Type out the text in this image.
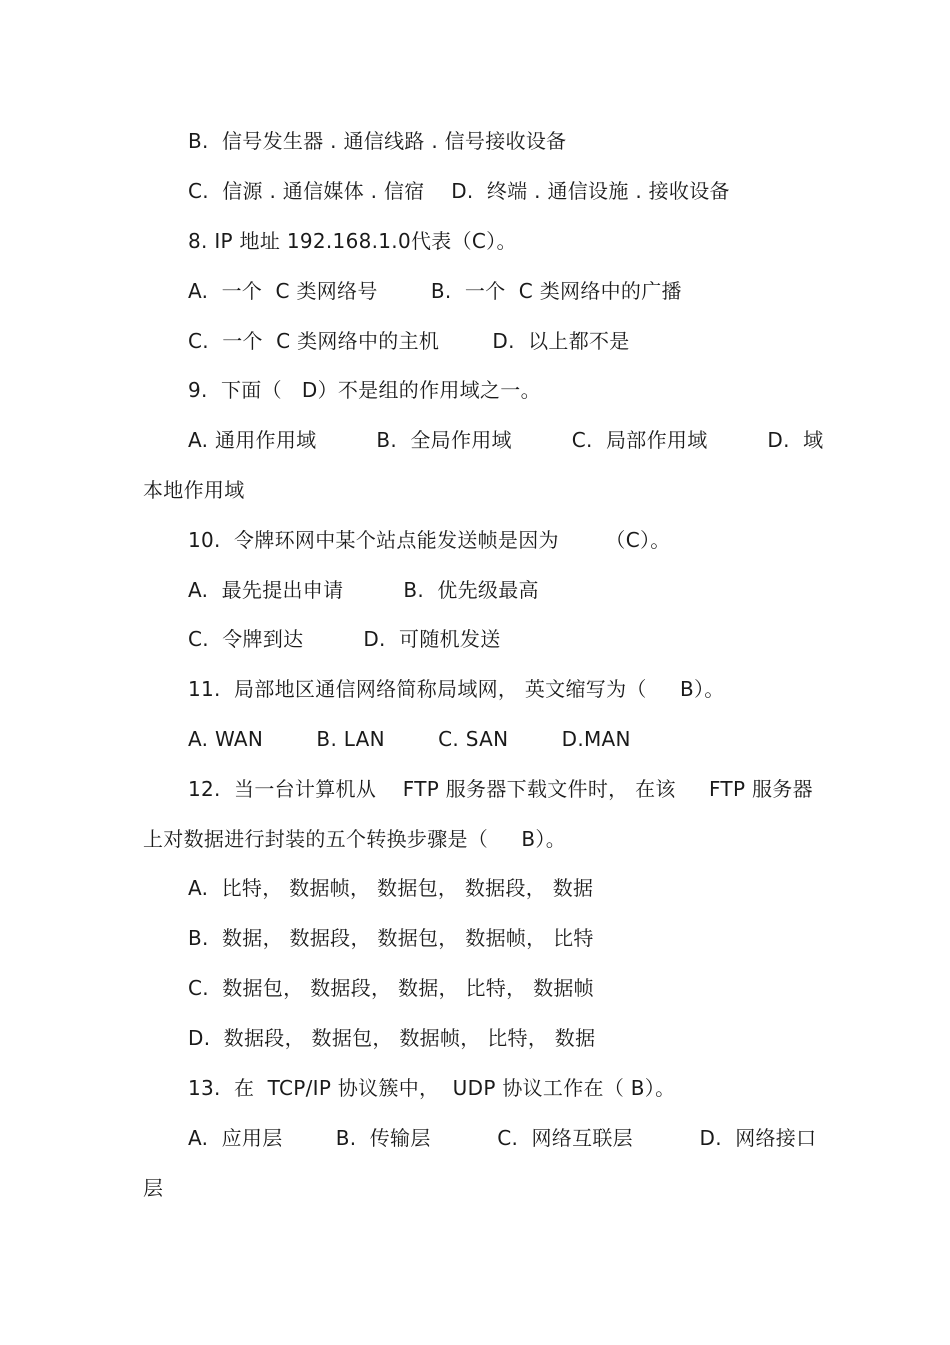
B.  信号发生器 . 通信线路 . 信号接收设备
C.  信源 . 通信媒体 . 信宿    D.  终端 . 通信设施 . 接收设备
8. IP 地址 192.168.1.0代表（C）。
A.  一个  C 类网络号        B.  一个  C 类网络中的广播
C.  一个  C 类网络中的主机        D.  以上都不是
9.  下面（   D）不是组的作用域之一。
A. 通用作用域         B.  全局作用域         C.  局部作用域         D.  域
本地作用域
10.  令牌环网中某个站点能发送帧是因为       （C）。
A.  最先提出申请         B.  优先级最高
C.  令牌到达         D.  可随机发送
11.  局部地区通信网络简称局域网， 英文缩写为（     B）。
A. WAN        B. LAN        C. SAN        D.MAN
12.  当一台计算机从    FTP 服务器下载文件时， 在该     FTP 服务器
上对数据进行封装的五个转换步骤是（     B）。
A.  比特， 数据帧， 数据包， 数据段， 数据
B.  数据， 数据段， 数据包， 数据帧， 比特
C.  数据包， 数据段， 数据， 比特， 数据帧
D.  数据段， 数据包， 数据帧， 比特， 数据
13.  在  TCP/IP 协议簇中，  UDP 协议工作在（ B）。
A.  应用层        B.  传输层          C.  网络互联层          D.  网络接口
层
